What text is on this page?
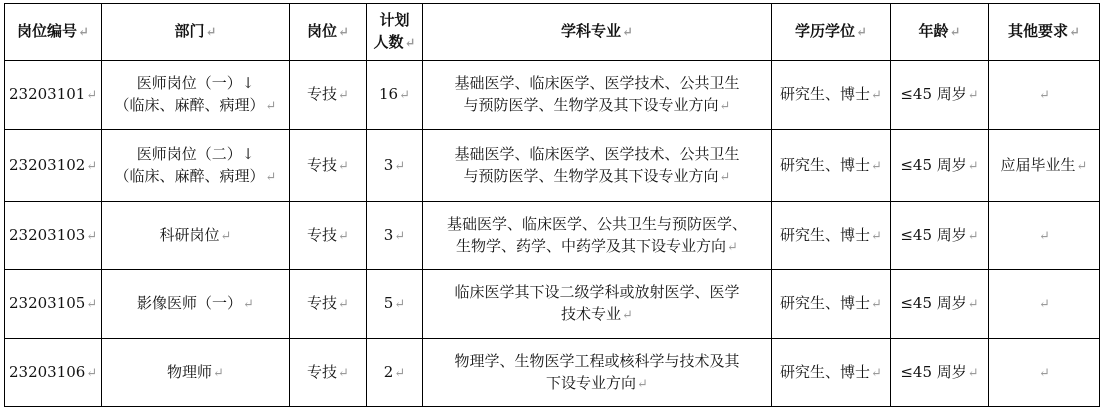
岗位编号↵	部门↵	岗位↵	计划
人数↵	学科专业↵	学历学位↵	年龄↵	其他要求↵
23203101↵	医师岗位（一）↓
（临床、麻醉、病理）↵	专技↵	16↵	基础医学、临床医学、医学技术、公共卫生
与预防医学、生物学及其下设专业方向↵	研究生、博士↵	≤45 周岁↵	↵
23203102↵	医师岗位（二）↓
（临床、麻醉、病理）↵	专技↵	3↵	基础医学、临床医学、医学技术、公共卫生
与预防医学、生物学及其下设专业方向↵	研究生、博士↵	≤45 周岁↵	应届毕业生↵
23203103↵	科研岗位↵	专技↵	3↵	基础医学、临床医学、公共卫生与预防医学、
生物学、药学、中药学及其下设专业方向↵	研究生、博士↵	≤45 周岁↵	↵
23203105↵	影像医师（一）↵	专技↵	5↵	临床医学其下设二级学科或放射医学、医学
技术专业↵	研究生、博士↵	≤45 周岁↵	↵
23203106↵	物理师↵	专技↵	2↵	物理学、生物医学工程或核科学与技术及其
下设专业方向↵	研究生、博士↵	≤45 周岁↵	↵
